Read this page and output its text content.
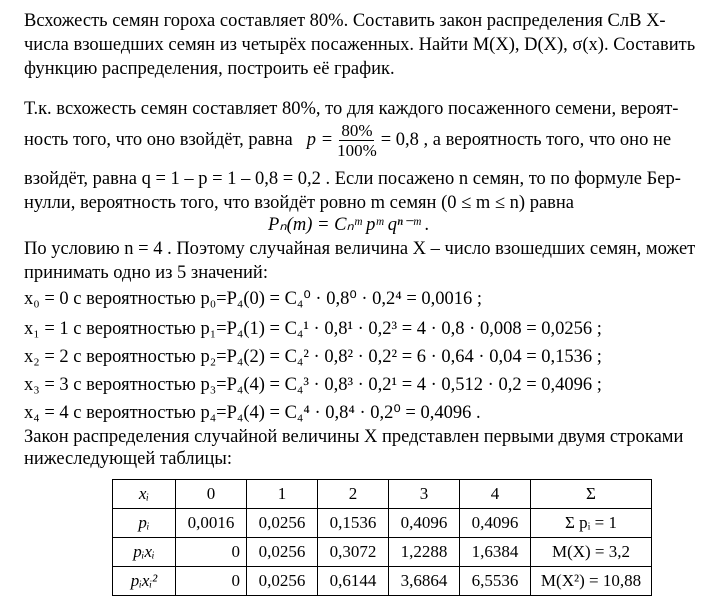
Всхожесть семян гороха составляет 80%. Составить закон распределения СлВ X-
числа взошедших семян из четырёх посаженных. Найти M(X), D(X), σ(x). Составить
функцию распределения, построить её график.
Т.к. всхожесть семян составляет 80%, то для каждого посаженного семени, вероят-
ность того, что оно взойдёт, равна $p = \frac{80\%}{100\%} = 0,8$ , а вероятность того, что оно не
взойдёт, равна q = 1 – p = 1 – 0,8 = 0,2 . Если посажено n семян, то по формуле Бер-
нулли, вероятность того, что взойдёт ровно m семян (0 ≤ m ≤ n) равна
Pₙ(m) = Cₙᵐ pᵐ qⁿ⁻ᵐ .
По условию n = 4 . Поэтому случайная величина X – число взошедших семян, может
принимать одно из 5 значений:
x₀ = 0 с вероятностью p₀=P₄(0) = C₄⁰ · 0,8⁰ · 0,2⁴ = 0,0016 ;
x₁ = 1 с вероятностью p₁=P₄(1) = C₄¹ · 0,8¹ · 0,2³ = 4 · 0,8 · 0,008 = 0,0256 ;
x₂ = 2 с вероятностью p₂=P₄(2) = C₄² · 0,8² · 0,2² = 6 · 0,64 · 0,04 = 0,1536 ;
x₃ = 3 с вероятностью p₃=P₄(4) = C₄³ · 0,8³ · 0,2¹ = 4 · 0,512 · 0,2 = 0,4096 ;
x₄ = 4 с вероятностью p₄=P₄(4) = C₄⁴ · 0,8⁴ · 0,2⁰ = 0,4096 .
Закон распределения случайной величины X представлен первыми двумя строками
нижеследующей таблицы:
xᵢ	0	1	2	3	4	Σ
pᵢ	0,0016	0,0256	0,1536	0,4096	0,4096	Σ pᵢ = 1
pᵢxᵢ	0	0,0256	0,3072	1,2288	1,6384	M(X) = 3,2
pᵢxᵢ²	0	0,0256	0,6144	3,6864	6,5536	M(X²) = 10,88
